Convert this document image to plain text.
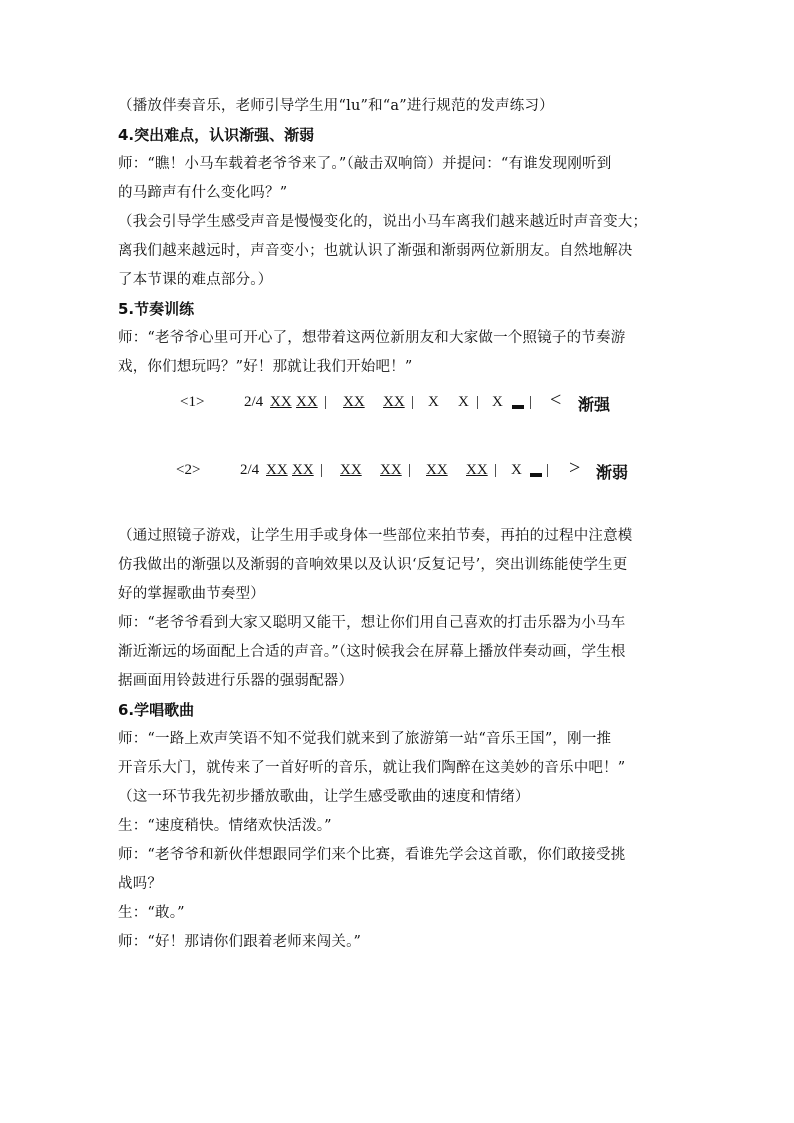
（播放伴奏音乐，老师引导学生用“lu”和“a”进行规范的发声练习）

4.突出难点，认识渐强、渐弱

师：“瞧！小马车载着老爷爷来了。”（敲击双响筒）并提问：“有谁发现刚听到

的马蹄声有什么变化吗？”

（我会引导学生感受声音是慢慢变化的，说出小马车离我们越来越近时声音变大；

离我们越来越远时，声音变小；也就认识了渐强和渐弱两位新朋友。自然地解决

了本节课的难点部分。）

5.节奏训练

师：“老爷爷心里可开心了，想带着这两位新朋友和大家做一个照镜子的节奏游

戏，你们想玩吗？”好！那就让我们开始吧！”

<1>	2/4 XX XX | XX XX | X X | X | < 渐强
<2>	2/4 XX XX | XX XX | XX XX | X | > 渐弱

（通过照镜子游戏，让学生用手或身体一些部位来拍节奏，再拍的过程中注意模

仿我做出的渐强以及渐弱的音响效果以及认识‘反复记号’，突出训练能使学生更

好的掌握歌曲节奏型）

师：“老爷爷看到大家又聪明又能干，想让你们用自己喜欢的打击乐器为小马车

渐近渐远的场面配上合适的声音。”（这时候我会在屏幕上播放伴奏动画，学生根

据画面用铃鼓进行乐器的强弱配器）

6.学唱歌曲

师：“一路上欢声笑语不知不觉我们就来到了旅游第一站“音乐王国”，刚一推

开音乐大门，就传来了一首好听的音乐，就让我们陶醉在这美妙的音乐中吧！”

（这一环节我先初步播放歌曲，让学生感受歌曲的速度和情绪）

生：“速度稍快。情绪欢快活泼。”

师：“老爷爷和新伙伴想跟同学们来个比赛，看谁先学会这首歌，你们敢接受挑

战吗？

生：“敢。”

师：“好！那请你们跟着老师来闯关。”
